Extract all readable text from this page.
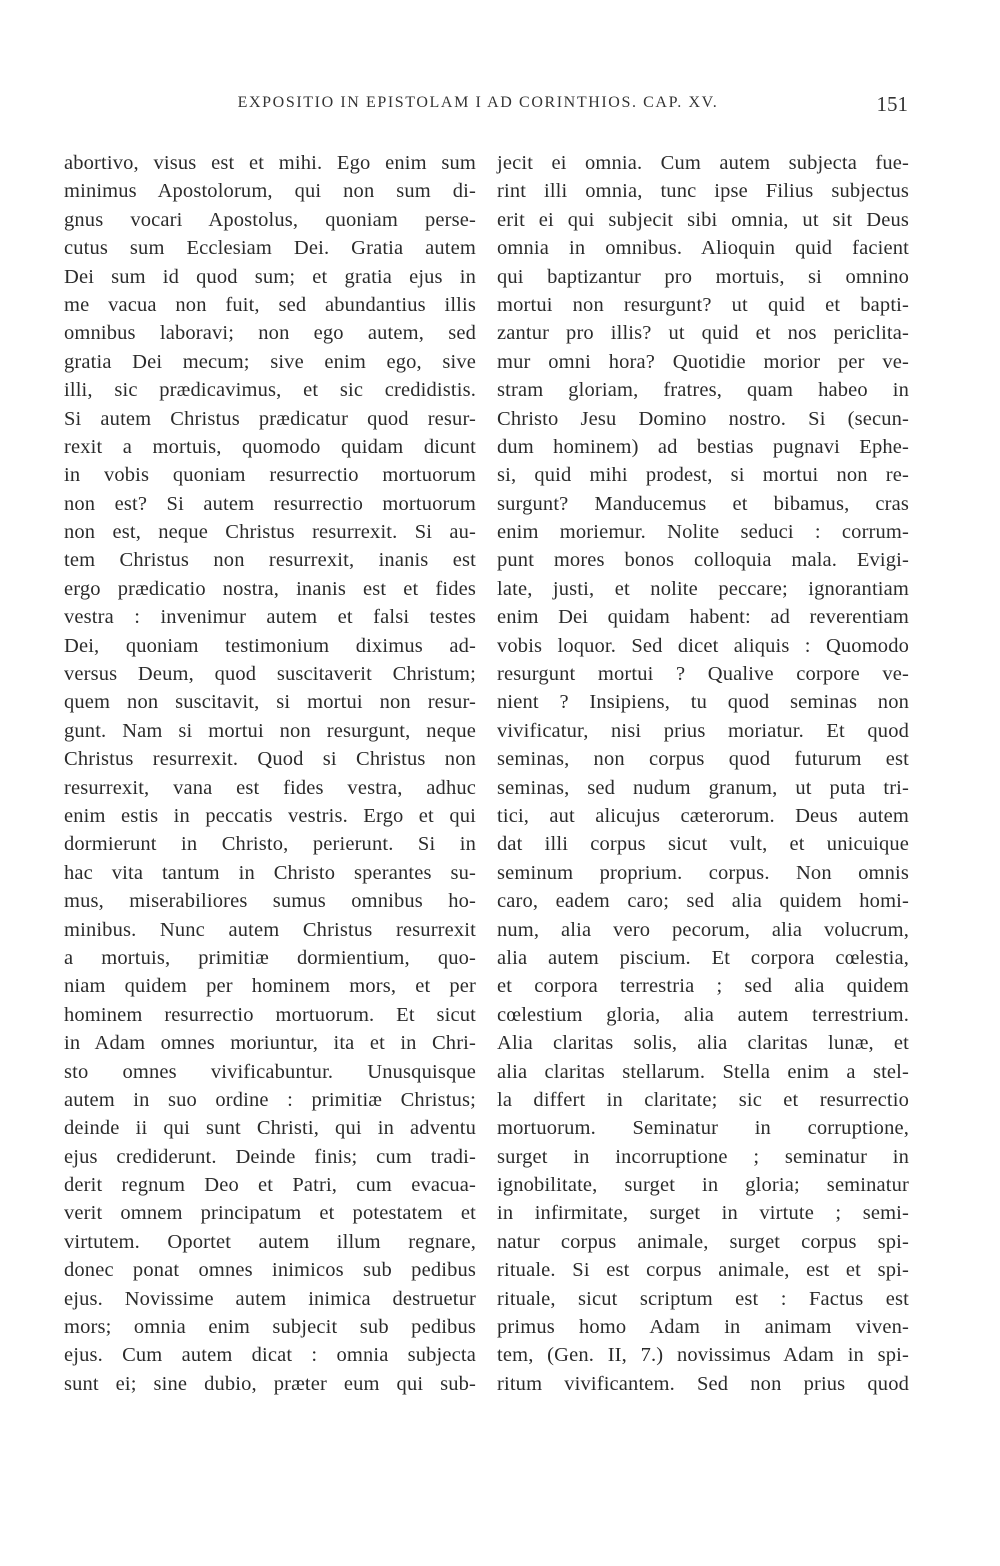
EXPOSITIO IN EPISTOLAM I AD CORINTHIOS. CAP. XV.	151
abortivo, visus est et mihi. Ego enim sum
minimus Apostolorum, qui non sum di-
gnus vocari Apostolus, quoniam perse-
cutus sum Ecclesiam Dei. Gratia autem
Dei sum id quod sum; et gratia ejus in
me vacua non fuit, sed abundantius illis
omnibus laboravi; non ego autem, sed
gratia Dei mecum; sive enim ego, sive
illi, sic prædicavimus, et sic credidistis.
Si autem Christus prædicatur quod resur-
rexit a mortuis, quomodo quidam dicunt
in vobis quoniam resurrectio mortuorum
non est? Si autem resurrectio mortuorum
non est, neque Christus resurrexit. Si au-
tem Christus non resurrexit, inanis est
ergo prædicatio nostra, inanis est et fides
vestra : invenimur autem et falsi testes
Dei, quoniam testimonium diximus ad-
versus Deum, quod suscitaverit Christum;
quem non suscitavit, si mortui non resur-
gunt. Nam si mortui non resurgunt, neque
Christus resurrexit. Quod si Christus non
resurrexit, vana est fides vestra, adhuc
enim estis in peccatis vestris. Ergo et qui
dormierunt in Christo, perierunt. Si in
hac vita tantum in Christo sperantes su-
mus, miserabiliores sumus omnibus ho-
minibus. Nunc autem Christus resurrexit
a mortuis, primitiæ dormientium, quo-
niam quidem per hominem mors, et per
hominem resurrectio mortuorum. Et sicut
in Adam omnes moriuntur, ita et in Chri-
sto omnes vivificabuntur. Unusquisque
autem in suo ordine : primitiæ Christus;
deinde ii qui sunt Christi, qui in adventu
ejus crediderunt. Deinde finis; cum tradi-
derit regnum Deo et Patri, cum evacua-
verit omnem principatum et potestatem et
virtutem. Oportet autem illum regnare,
donec ponat omnes inimicos sub pedibus
ejus. Novissime autem inimica destruetur
mors; omnia enim subjecit sub pedibus
ejus. Cum autem dicat : omnia subjecta
sunt ei; sine dubio, præter eum qui sub-
jecit ei omnia. Cum autem subjecta fue-
rint illi omnia, tunc ipse Filius subjectus
erit ei qui subjecit sibi omnia, ut sit Deus
omnia in omnibus. Alioquin quid facient
qui baptizantur pro mortuis, si omnino
mortui non resurgunt? ut quid et bapti-
zantur pro illis? ut quid et nos periclita-
mur omni hora? Quotidie morior per ve-
stram gloriam, fratres, quam habeo in
Christo Jesu Domino nostro. Si (secun-
dum hominem) ad bestias pugnavi Ephe-
si, quid mihi prodest, si mortui non re-
surgunt? Manducemus et bibamus, cras
enim moriemur. Nolite seduci : corrum-
punt mores bonos colloquia mala. Evigi-
late, justi, et nolite peccare; ignorantiam
enim Dei quidam habent: ad reverentiam
vobis loquor. Sed dicet aliquis : Quomodo
resurgunt mortui ? Qualive corpore ve-
nient ? Insipiens, tu quod seminas non
vivificatur, nisi prius moriatur. Et quod
seminas, non corpus quod futurum est
seminas, sed nudum granum, ut puta tri-
tici, aut alicujus cæterorum. Deus autem
dat illi corpus sicut vult, et unicuique
seminum proprium. corpus. Non omnis
caro, eadem caro; sed alia quidem homi-
num, alia vero pecorum, alia volucrum,
alia autem piscium. Et corpora cœlestia,
et corpora terrestria ; sed alia quidem
cœlestium gloria, alia autem terrestrium.
Alia claritas solis, alia claritas lunæ, et
alia claritas stellarum. Stella enim a stel-
la differt in claritate; sic et resurrectio
mortuorum. Seminatur in corruptione,
surget in incorruptione ; seminatur in
ignobilitate, surget in gloria; seminatur
in infirmitate, surget in virtute ; semi-
natur corpus animale, surget corpus spi-
rituale. Si est corpus animale, est et spi-
rituale, sicut scriptum est : Factus est
primus homo Adam in animam viven-
tem, (Gen. II, 7.) novissimus Adam in spi-
ritum vivificantem. Sed non prius quod
